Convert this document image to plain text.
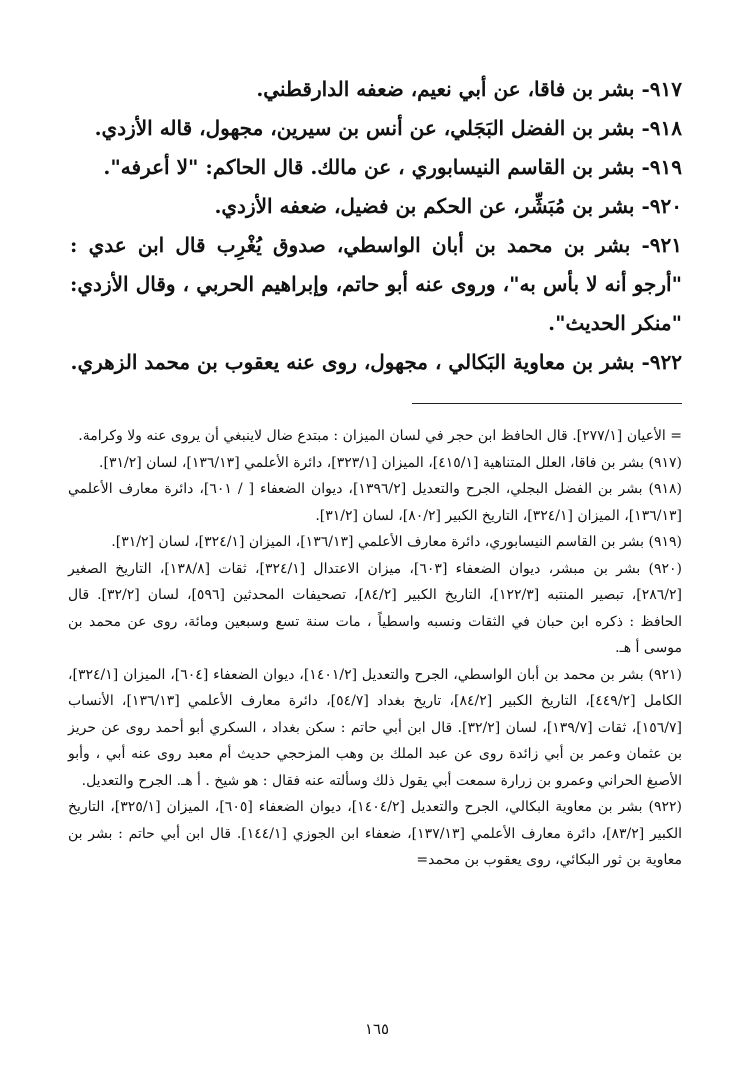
٩١٧- بشر بن فاقا، عن أبي نعيم، ضعفه الدارقطني.
٩١٨- بشر بن الفضل البَجَلي، عن أنس بن سيرين، مجهول، قاله الأزدي.
٩١٩- بشر بن القاسم النيسابوري ، عن مالك. قال الحاكم: "لا أعرفه".
٩٢٠- بشر بن مُبَشِّر، عن الحكم بن فضيل، ضعفه الأزدي.
٩٢١- بشر بن محمد بن أبان الواسطي، صدوق يُغْرِب قال ابن عدي : "أرجو أنه لا بأس به"، وروى عنه أبو حاتم، وإبراهيم الحربي ، وقال الأزدي: "منكر الحديث".
٩٢٢- بشر بن معاوية البَكالي ، مجهول، روى عنه يعقوب بن محمد الزهري.

= الأعيان [٢٧٧/١]. قال الحافظ ابن حجر في لسان الميزان : مبتدع ضال لاينبغي أن يروى عنه ولا وكرامة.

(٩١٧) بشر بن فاقا، العلل المتناهية [٤١٥/١]، الميزان [٣٢٣/١]، دائرة الأعلمي [١٣٦/١٣]، لسان [٣١/٢].

(٩١٨) بشر بن الفضل البجلي، الجرح والتعديل [١٣٩٦/٢]، ديوان الضعفاء [ / ٦٠١]، دائرة معارف الأعلمي [١٣٦/١٣]، الميزان [٣٢٤/١]، التاريخ الكبير [٨٠/٢]، لسان [٣١/٢].

(٩١٩) بشر بن القاسم النيسابوري، دائرة معارف الأعلمي [١٣٦/١٣]، الميزان [٣٢٤/١]، لسان [٣١/٢].

(٩٢٠) بشر بن مبشر، ديوان الضعفاء [٦٠٣]، ميزان الاعتدال [٣٢٤/١]، ثقات [١٣٨/٨]، التاريخ الصغير [٢٨٦/٢]، تبصير المنتبه [١٢٢/٣]، التاريخ الكبير [٨٤/٢]، تصحيفات المحدثين [٥٩٦]، لسان [٣٢/٢]. قال الحافظ : ذكره ابن حبان في الثقات ونسبه واسطياً ، مات سنة تسع وسبعين ومائة، روى عن محمد بن موسى أ هـ.

(٩٢١) بشر بن محمد بن أبان الواسطي، الجرح والتعديل [١٤٠١/٢]، ديوان الضعفاء [٦٠٤]، الميزان [٣٢٤/١]، الكامل [٤٤٩/٢]، التاريخ الكبير [٨٤/٢]، تاريخ بغداد [٥٤/٧]، دائرة معارف الأعلمي [١٣٦/١٣]، الأنساب [١٥٦/٧]، ثقات [١٣٩/٧]، لسان [٣٢/٢]. قال ابن أبي حاتم : سكن بغداد ، السكري أبو أحمد روى عن حريز بن عثمان وعمر بن أبي زائدة روى عن عبد الملك بن وهب المزحجي حديث أم معبد روى عنه أبي ، وأبو الأصبغ الحراني وعمرو بن زرارة سمعت أبي يقول ذلك وسألته عنه فقال : هو شيخ . أ هـ. الجرح والتعديل.

(٩٢٢) بشر بن معاوية البكالي، الجرح والتعديل [١٤٠٤/٢]، ديوان الضعفاء [٦٠٥]، الميزان [٣٢٥/١]، التاريخ الكبير [٨٣/٢]، دائرة معارف الأعلمي [١٣٧/١٣]، ضعفاء ابن الجوزي [١٤٤/١]. قال ابن أبي حاتم : بشر بن معاوية بن ثور البكائي، روى يعقوب بن محمد=

١٦٥
